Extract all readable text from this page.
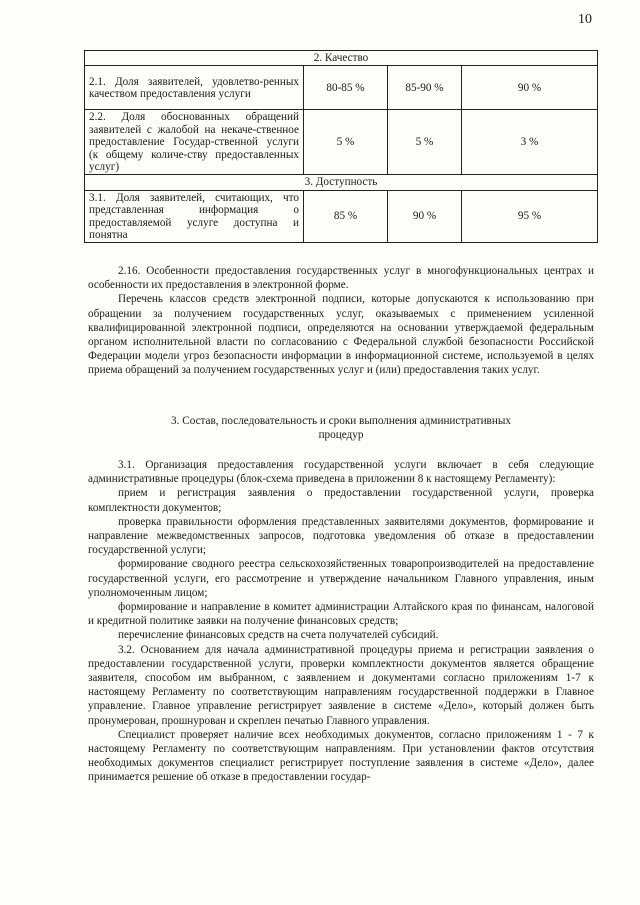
10
2. Качество			
2.1. Доля заявителей, удовлетво-ренных качеством предоставления услуги	80-85 %	85-90 %	90 %
2.2. Доля обоснованных обращений заявителей с жалобой на некаче-ственное предоставление Государ-ственной услуги (к общему количе-ству предоставленных услуг)	5 %	5 %	3 %
3. Доступность			
3.1. Доля заявителей, считающих, что представленная информация о предоставляемой услуге доступна и понятна	85 %	90 %	95 %

2.16. Особенности предоставления государственных услуг в многофункциональных центрах и особенности их предоставления в электронной форме.

Перечень классов средств электронной подписи, которые допускаются к использованию при обращении за получением государственных услуг, оказываемых с применением усиленной квалифицированной электронной подписи, определяются на основании утверждаемой федеральным органом исполнительной власти по согласованию с Федеральной службой безопасности Российской Федерации модели угроз безопасности информации в информационной системе, используемой в целях приема обращений за получением государственных услуг и (или) предоставления таких услуг.

3. Состав, последовательность и сроки выполнения административных процедур

3.1. Организация предоставления государственной услуги включает в себя следующие административные процедуры (блок-схема приведена в приложении 8 к настоящему Регламенту):

прием и регистрация заявления о предоставлении государственной услуги, проверка комплектности документов;

проверка правильности оформления представленных заявителями документов, формирование и направление межведомственных запросов, подготовка уведомления об отказе в предоставлении государственной услуги;

формирование сводного реестра сельскохозяйственных товаропроизводителей на предоставление государственной услуги, его рассмотрение и утверждение начальником Главного управления, иным уполномоченным лицом;

формирование и направление в комитет администрации Алтайского края по финансам, налоговой и кредитной политике заявки на получение финансовых средств;

перечисление финансовых средств на счета получателей субсидий.

3.2. Основанием для начала административной процедуры приема и регистрации заявления о предоставлении государственной услуги, проверки комплектности документов является обращение заявителя, способом им выбранном, с заявлением и документами согласно приложениям 1-7 к настоящему Регламенту по соответствующим направлениям государственной поддержки в Главное управление. Главное управление регистрирует заявление в системе «Дело», который должен быть пронумерован, прошнурован и скреплен печатью Главного управления.

Специалист проверяет наличие всех необходимых документов, согласно приложениям 1 - 7 к настоящему Регламенту по соответствующим направлениям. При установлении фактов отсутствия необходимых документов специалист регистрирует поступление заявления в системе «Дело», далее принимается решение об отказе в предоставлении государ-
